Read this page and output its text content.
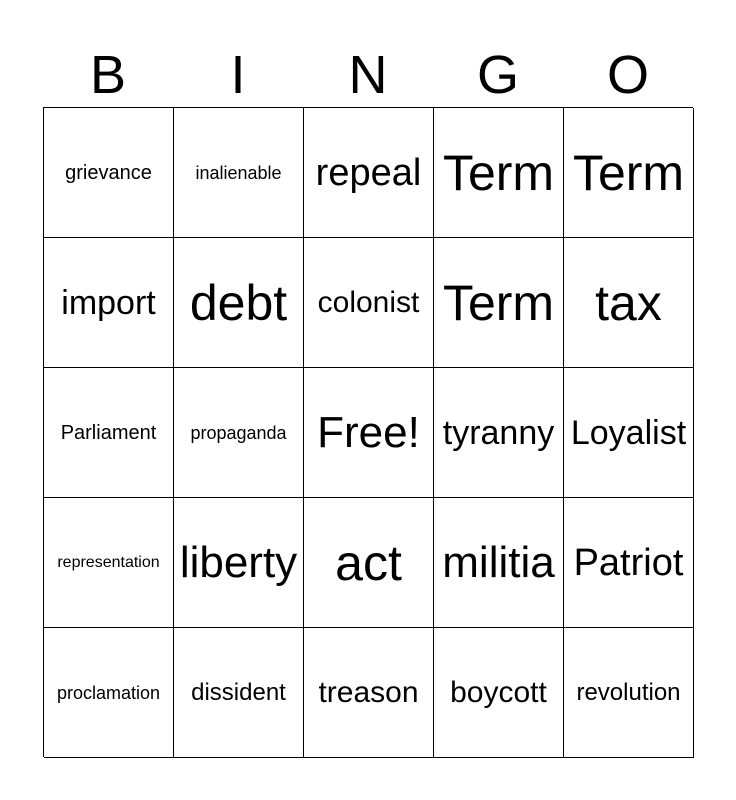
B	I	N	G	O
grievance inalienable repeal Term Term
import debt colonist Term tax
Parliament propaganda Free! tyranny Loyalist
representation liberty act militia Patriot
proclamation dissident treason boycott revolution
